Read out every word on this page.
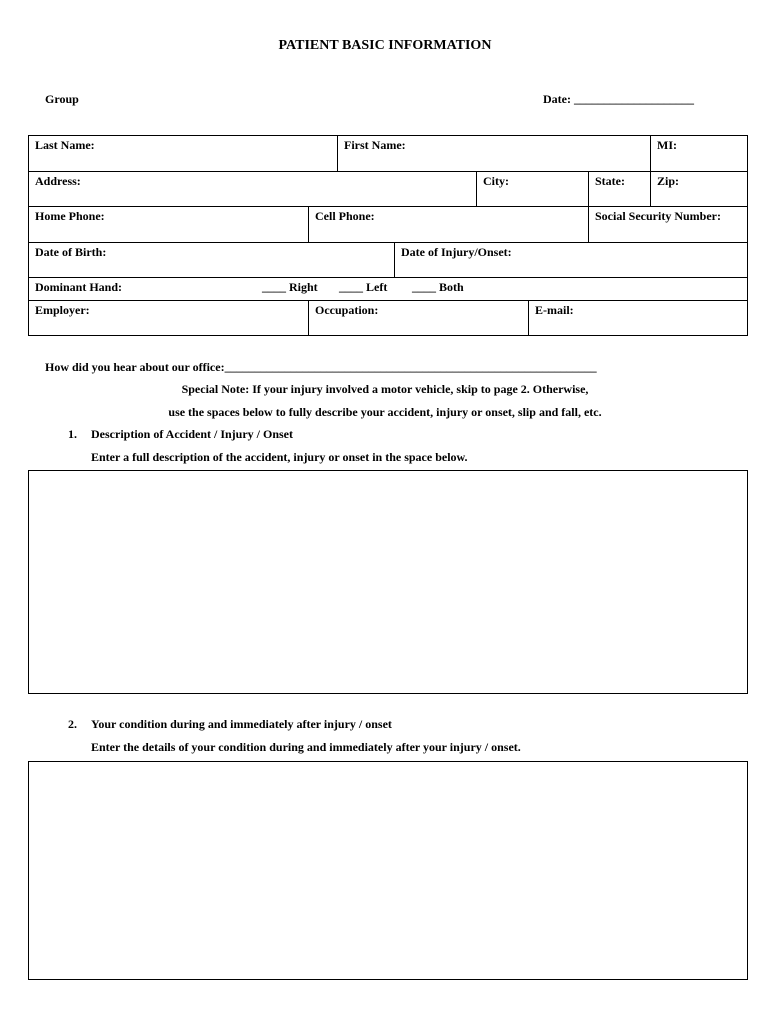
PATIENT BASIC INFORMATION
Group	Date: ____________________
Last Name:	First Name:	MI:
Address:	City:	State:	Zip:
Home Phone:	Cell Phone:	Social Security Number:
Date of Birth:	Date of Injury/Onset:
Dominant Hand:	____ Right ____ Left ____ Both
Employer:	Occupation:	E-mail:
How did you hear about our office:______________________________________________________________
Special Note: If your injury involved a motor vehicle, skip to page 2. Otherwise,
use the spaces below to fully describe your accident, injury or onset, slip and fall, etc.
1. Description of Accident / Injury / Onset
Enter a full description of the accident, injury or onset in the space below.
2. Your condition during and immediately after injury / onset
Enter the details of your condition during and immediately after your injury / onset.
